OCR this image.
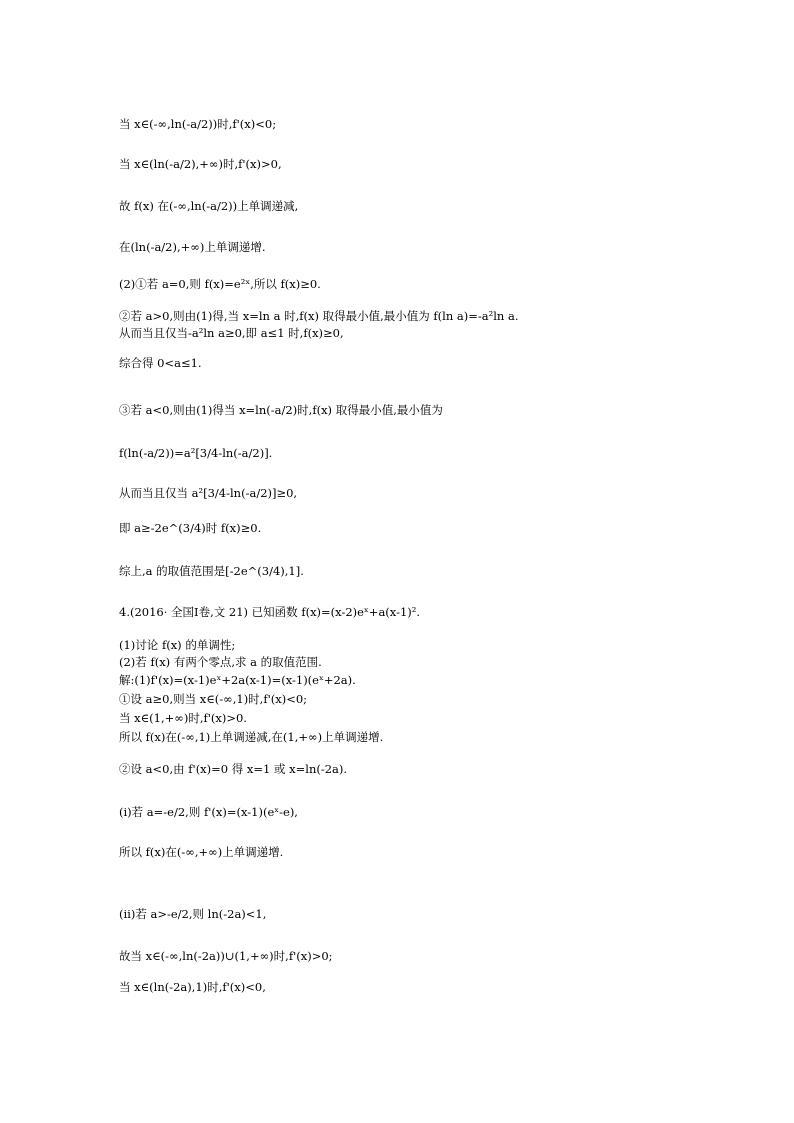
当 x∈(-∞,ln(-a/2))时,f'(x)<0;
当 x∈(ln(-a/2),+∞)时,f'(x)>0,
故 f(x) 在(-∞,ln(-a/2))上单调递减,
在(ln(-a/2),+∞)上单调递增.
(2)①若 a=0,则 f(x)=e²ˣ,所以 f(x)≥0.
②若 a>0,则由(1)得,当 x=ln a 时,f(x) 取得最小值,最小值为 f(ln a)=-a²ln a.
从而当且仅当-a²ln a≥0,即 a≤1 时,f(x)≥0,
综合得 0<a≤1.
③若 a<0,则由(1)得当 x=ln(-a/2)时,f(x) 取得最小值,最小值为
f(ln(-a/2))=a²[3/4-ln(-a/2)].
从而当且仅当 a²[3/4-ln(-a/2)]≥0,
即 a≥-2e^(3/4)时 f(x)≥0.
综上,a 的取值范围是[-2e^(3/4),1].
4.(2016· 全国Ⅰ卷,文 21) 已知函数 f(x)=(x-2)eˣ+a(x-1)².
(1)讨论 f(x) 的单调性;
(2)若 f(x) 有两个零点,求 a 的取值范围.
解:(1)f'(x)=(x-1)eˣ+2a(x-1)=(x-1)(eˣ+2a).
①设 a≥0,则当 x∈(-∞,1)时,f'(x)<0;
当 x∈(1,+∞)时,f'(x)>0.
所以 f(x)在(-∞,1)上单调递减,在(1,+∞)上单调递增.
②设 a<0,由 f'(x)=0 得 x=1 或 x=ln(-2a).
(ⅰ)若 a=-e/2,则 f'(x)=(x-1)(eˣ-e),
所以 f(x)在(-∞,+∞)上单调递增.
(ⅱ)若 a>-e/2,则 ln(-2a)<1,
故当 x∈(-∞,ln(-2a))∪(1,+∞)时,f'(x)>0;
当 x∈(ln(-2a),1)时,f'(x)<0,
